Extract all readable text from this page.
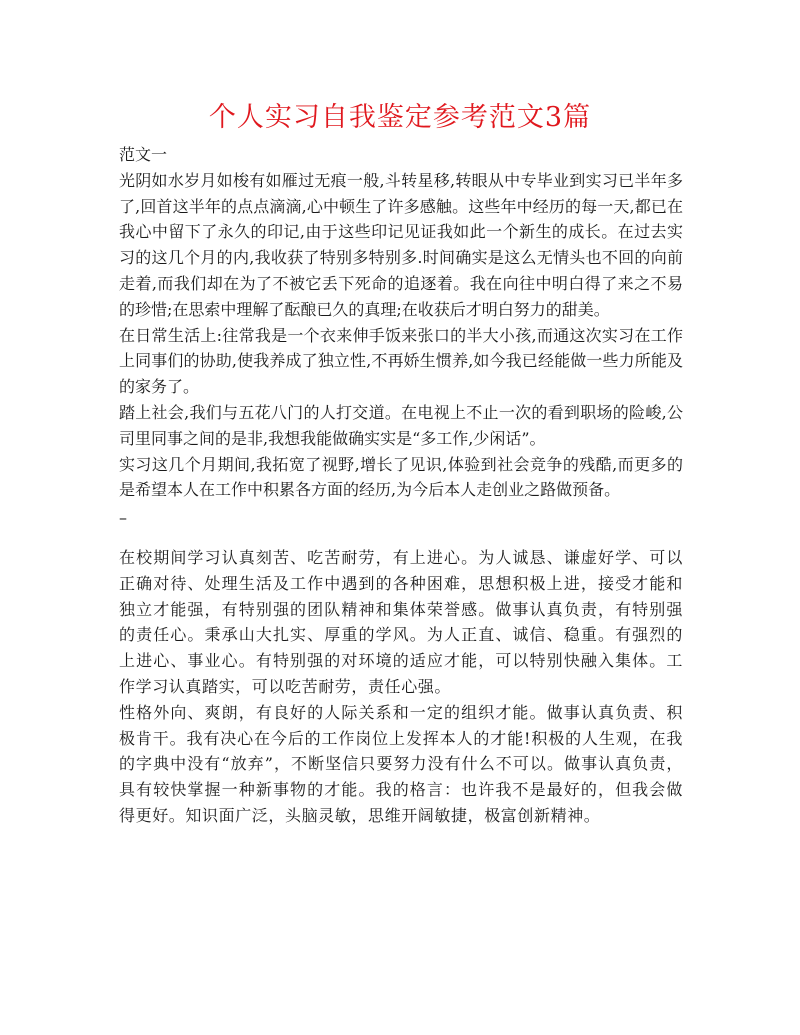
个人实习自我鉴定参考范文3篇

范文一

光阴如水岁月如梭有如雁过无痕一般,斗转星移,转眼从中专毕业到实习已半年多了,回首这半年的点点滴滴,心中顿生了许多感触。这些年中经历的每一天,都已在我心中留下了永久的印记,由于这些印记见证我如此一个新生的成长。在过去实习的这几个月的内,我收获了特别多特别多.时间确实是这么无情头也不回的向前走着,而我们却在为了不被它丢下死命的追逐着。我在向往中明白得了来之不易的珍惜;在思索中理解了酝酿已久的真理;在收获后才明白努力的甜美。

在日常生活上:往常我是一个衣来伸手饭来张口的半大小孩,而通这次实习在工作上同事们的协助,使我养成了独立性,不再娇生惯养,如今我已经能做一些力所能及的家务了。

踏上社会,我们与五花八门的人打交道。在电视上不止一次的看到职场的险峻,公司里同事之间的是非,我想我能做确实实是“多工作,少闲话”。

实习这几个月期间,我拓宽了视野,增长了见识,体验到社会竞争的残酷,而更多的是希望本人在工作中积累各方面的经历,为今后本人走创业之路做预备。

–

在校期间学习认真刻苦、吃苦耐劳，有上进心。为人诚恳、谦虚好学、可以正确对待、处理生活及工作中遇到的各种困难，思想积极上进，接受才能和独立才能强，有特别强的团队精神和集体荣誉感。做事认真负责，有特别强的责任心。秉承山大扎实、厚重的学风。为人正直、诚信、稳重。有强烈的上进心、事业心。有特别强的对环境的适应才能，可以特别快融入集体。工作学习认真踏实，可以吃苦耐劳，责任心强。

性格外向、爽朗，有良好的人际关系和一定的组织才能。做事认真负责、积极肯干。我有决心在今后的工作岗位上发挥本人的才能!积极的人生观，在我的字典中没有“放弃”，不断坚信只要努力没有什么不可以。做事认真负责，具有较快掌握一种新事物的才能。我的格言：也许我不是最好的，但我会做得更好。知识面广泛，头脑灵敏，思维开阔敏捷，极富创新精神。
